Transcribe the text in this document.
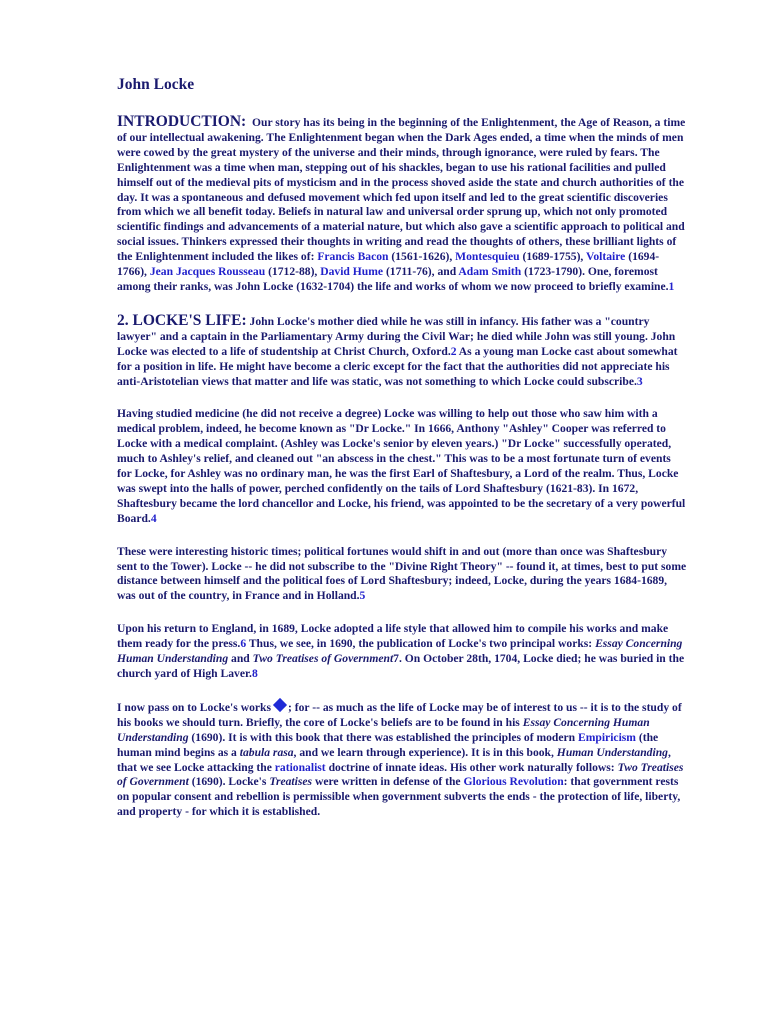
John Locke

INTRODUCTION: Our story has its being in the beginning of the Enlightenment, the Age of Reason, a time of our intellectual awakening. The Enlightenment began when the Dark Ages ended, a time when the minds of men were cowed by the great mystery of the universe and their minds, through ignorance, were ruled by fears. The Enlightenment was a time when man, stepping out of his shackles, began to use his rational facilities and pulled himself out of the medieval pits of mysticism and in the process shoved aside the state and church authorities of the day. It was a spontaneous and defused movement which fed upon itself and led to the great scientific discoveries from which we all benefit today. Beliefs in natural law and universal order sprung up, which not only promoted scientific findings and advancements of a material nature, but which also gave a scientific approach to political and social issues. Thinkers expressed their thoughts in writing and read the thoughts of others, these brilliant lights of the Enlightenment included the likes of: Francis Bacon (1561-1626), Montesquieu (1689-1755), Voltaire (1694-1766), Jean Jacques Rousseau (1712-88), David Hume (1711-76), and Adam Smith (1723-1790). One, foremost among their ranks, was John Locke (1632-1704) the life and works of whom we now proceed to briefly examine.1

2. LOCKE'S LIFE: John Locke's mother died while he was still in infancy. His father was a "country lawyer" and a captain in the Parliamentary Army during the Civil War; he died while John was still young. John Locke was elected to a life of studentship at Christ Church, Oxford.2 As a young man Locke cast about somewhat for a position in life. He might have become a cleric except for the fact that the authorities did not appreciate his anti-Aristotelian views that matter and life was static, was not something to which Locke could subscribe.3

Having studied medicine (he did not receive a degree) Locke was willing to help out those who saw him with a medical problem, indeed, he become known as "Dr Locke." In 1666, Anthony "Ashley" Cooper was referred to Locke with a medical complaint. (Ashley was Locke's senior by eleven years.) "Dr Locke" successfully operated, much to Ashley's relief, and cleaned out "an abscess in the chest." This was to be a most fortunate turn of events for Locke, for Ashley was no ordinary man, he was the first Earl of Shaftesbury, a Lord of the realm. Thus, Locke was swept into the halls of power, perched confidently on the tails of Lord Shaftesbury (1621-83). In 1672, Shaftesbury became the lord chancellor and Locke, his friend, was appointed to be the secretary of a very powerful Board.4

These were interesting historic times; political fortunes would shift in and out (more than once was Shaftesbury sent to the Tower). Locke -- he did not subscribe to the "Divine Right Theory" -- found it, at times, best to put some distance between himself and the political foes of Lord Shaftesbury; indeed, Locke, during the years 1684-1689, was out of the country, in France and in Holland.5

Upon his return to England, in 1689, Locke adopted a life style that allowed him to compile his works and make them ready for the press.6 Thus, we see, in 1690, the publication of Locke's two principal works: Essay Concerning Human Understanding and Two Treatises of Government7. On October 28th, 1704, Locke died; he was buried in the church yard of High Laver.8

I now pass on to Locke's works ; for -- as much as the life of Locke may be of interest to us -- it is to the study of his books we should turn. Briefly, the core of Locke's beliefs are to be found in his Essay Concerning Human Understanding (1690). It is with this book that there was established the principles of modern Empiricism (the human mind begins as a tabula rasa, and we learn through experience). It is in this book, Human Understanding, that we see Locke attacking the rationalist doctrine of innate ideas. His other work naturally follows: Two Treatises of Government (1690). Locke's Treatises were written in defense of the Glorious Revolution: that government rests on popular consent and rebellion is permissible when government subverts the ends - the protection of life, liberty, and property - for which it is established.
